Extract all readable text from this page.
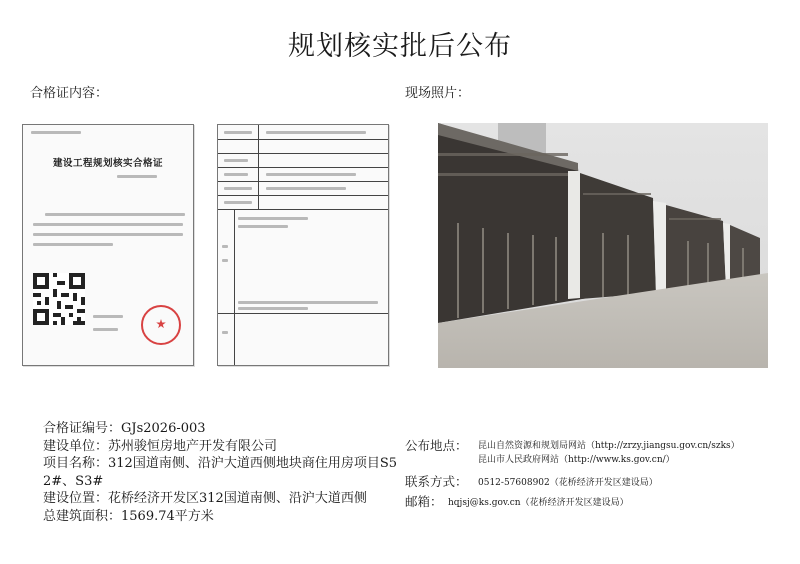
规划核实批后公布
合格证内容：	现场照片：
建设工程规划核实合格证
合格证编号：GJs2026-003
建设单位：苏州骏恒房地产开发有限公司
项目名称：312国道南侧、沿沪大道西侧地块商住用房项目S5 2#、S3#
建设位置：花桥经济开发区312国道南侧、沿沪大道西侧
总建筑面积：1569.74平方米
公布地点： 昆山自然资源和规划局网站（http://zrzy.jiangsu.gov.cn/szks）
昆山市人民政府网站（http://www.ks.gov.cn/）
联系方式： 0512-57608902（花桥经济开发区建设局）
邮箱： hqjsj@ks.gov.cn（花桥经济开发区建设局）
